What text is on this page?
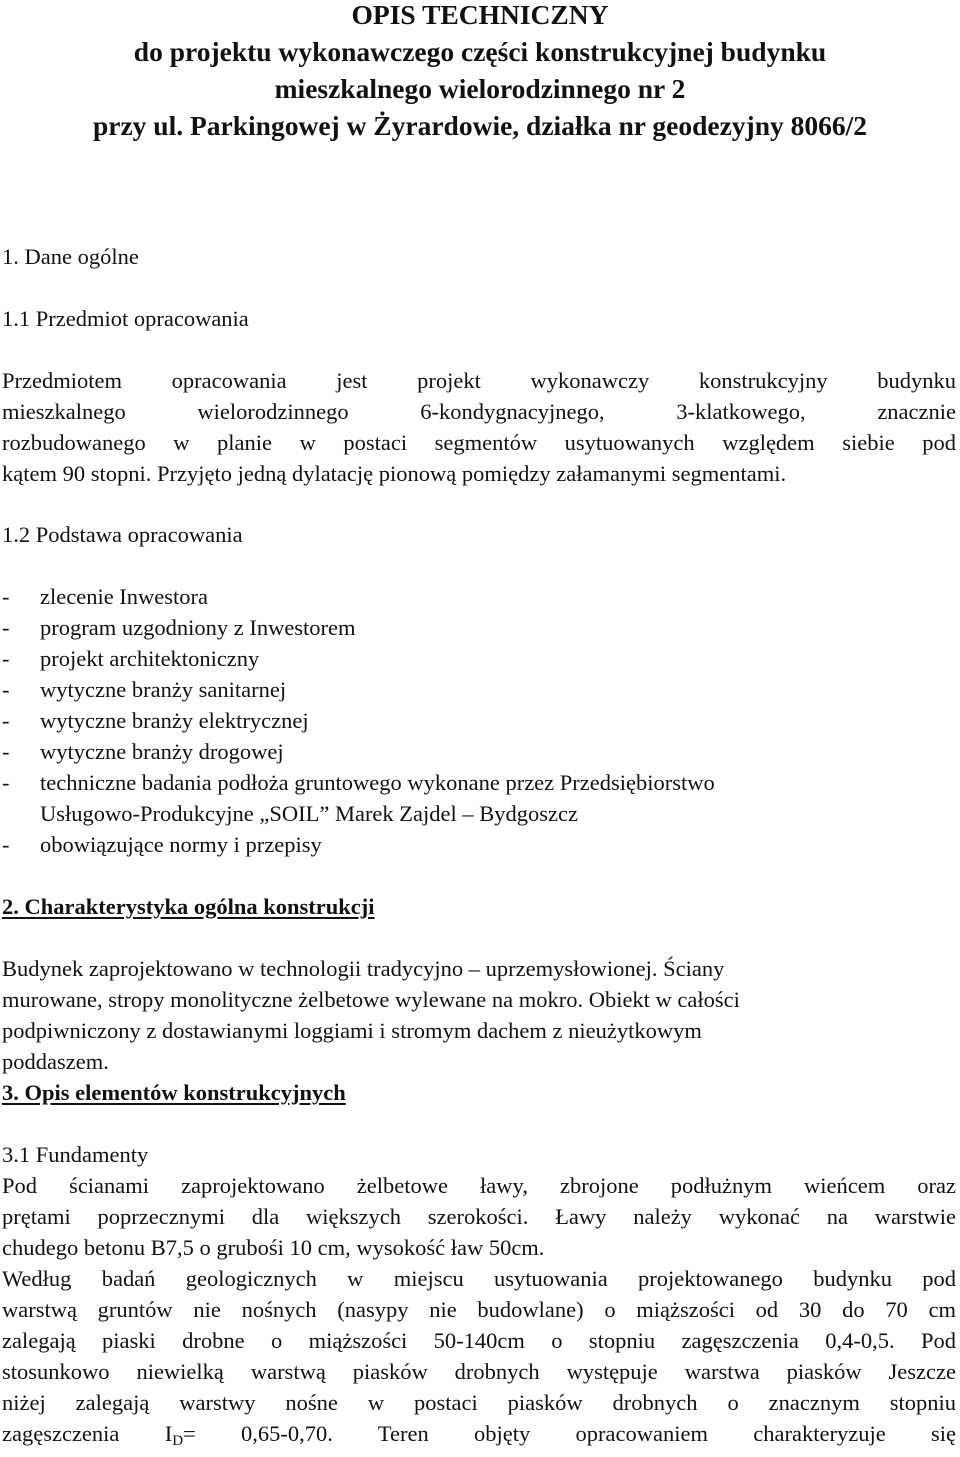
OPIS TECHNICZNY
do projektu wykonawczego części konstrukcyjnej budynku
mieszkalnego wielorodzinnego nr 2
przy ul. Parkingowej w Żyrardowie, działka nr geodezyjny 8066/2
1. Dane ogólne
1.1 Przedmiot opracowania
Przedmiotem opracowania jest projekt wykonawczy konstrukcyjny budynku
mieszkalnego wielorodzinnego 6-kondygnacyjnego, 3-klatkowego, znacznie
rozbudowanego w planie w postaci segmentów usytuowanych względem siebie pod
kątem 90 stopni. Przyjęto jedną dylatację pionową pomiędzy załamanymi segmentami.
1.2 Podstawa opracowania
- zlecenie Inwestora
- program uzgodniony z Inwestorem
- projekt architektoniczny
- wytyczne branży sanitarnej
- wytyczne branży elektrycznej
- wytyczne branży drogowej
- techniczne badania podłoża gruntowego wykonane przez Przedsiębiorstwo
Usługowo-Produkcyjne „SOIL” Marek Zajdel – Bydgoszcz
- obowiązujące normy i przepisy
2. Charakterystyka ogólna konstrukcji
Budynek zaprojektowano w technologii tradycyjno – uprzemysłowionej. Ściany
murowane, stropy monolityczne żelbetowe wylewane na mokro. Obiekt w całości
podpiwniczony z dostawianymi loggiami i stromym dachem z nieużytkowym
poddaszem.
3. Opis elementów konstrukcyjnych
3.1 Fundamenty
Pod ścianami zaprojektowano żelbetowe ławy, zbrojone podłużnym wieńcem oraz
prętami poprzecznymi dla większych szerokości. Ławy należy wykonać na warstwie
chudego betonu B7,5 o grubośi 10 cm, wysokość ław 50cm.
Według badań geologicznych w miejscu usytuowania projektowanego budynku pod
warstwą gruntów nie nośnych (nasypy nie budowlane) o miąższości od 30 do 70 cm
zalegają piaski drobne o miąższości 50-140cm o stopniu zagęszczenia 0,4-0,5. Pod
stosunkowo niewielką warstwą piasków drobnych występuje warstwa piasków Jeszcze
niżej zalegają warstwy nośne w postaci piasków drobnych o znacznym stopniu
zagęszczenia $I_D= 0,65-0,70$. Teren objęty opracowaniem charakteryzuje się
